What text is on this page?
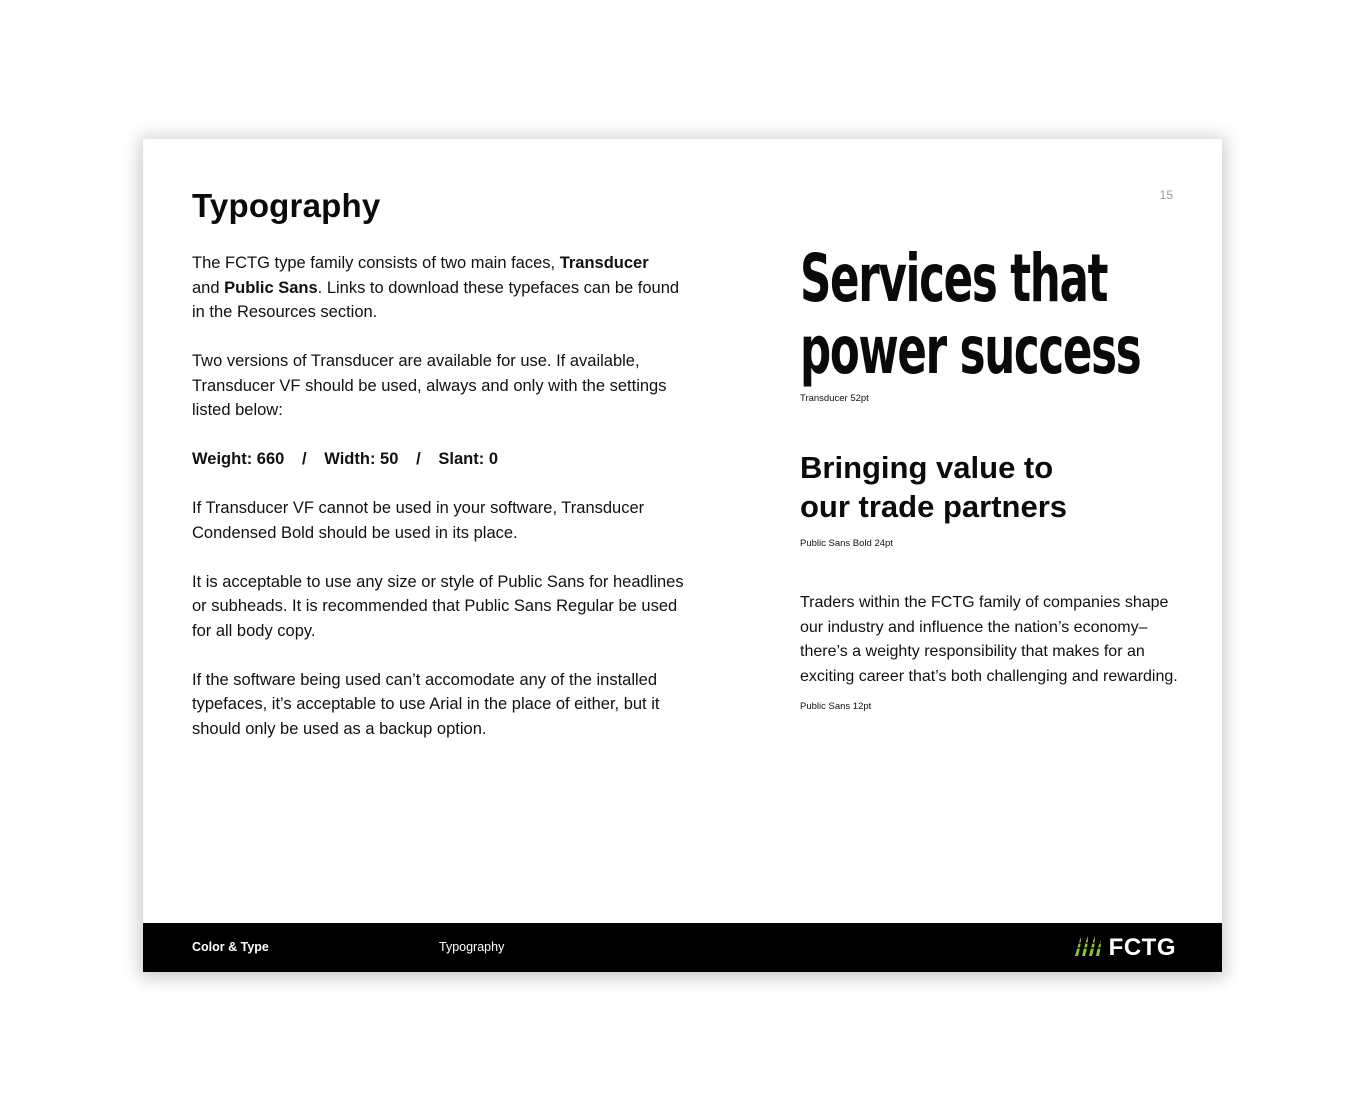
15
Typography

The FCTG type family consists of two main faces, Transducer
and Public Sans. Links to download these typefaces can be found in the Resources section.

Two versions of Transducer are available for use. If available, Transducer VF should be used, always and only with the settings listed below:

Weight: 660 / Width: 50 / Slant: 0

If Transducer VF cannot be used in your software, Transducer Condensed Bold should be used in its place.

It is acceptable to use any size or style of Public Sans for headlines or subheads. It is recommended that Public Sans Regular be used for all body copy.

If the software being used can’t accomodate any of the installed typefaces, it’s acceptable to use Arial in the place of either, but it should only be used as a backup option.

Services that
power success

Transducer 52pt

Bringing value to
our trade partners

Public Sans Bold 24pt

Traders within the FCTG family of companies shape our industry and influence the nation’s economy–there’s a weighty responsibility that makes for an exciting career that’s both challenging and rewarding.

Public Sans 12pt

Color & Type	Typography	FCTG
